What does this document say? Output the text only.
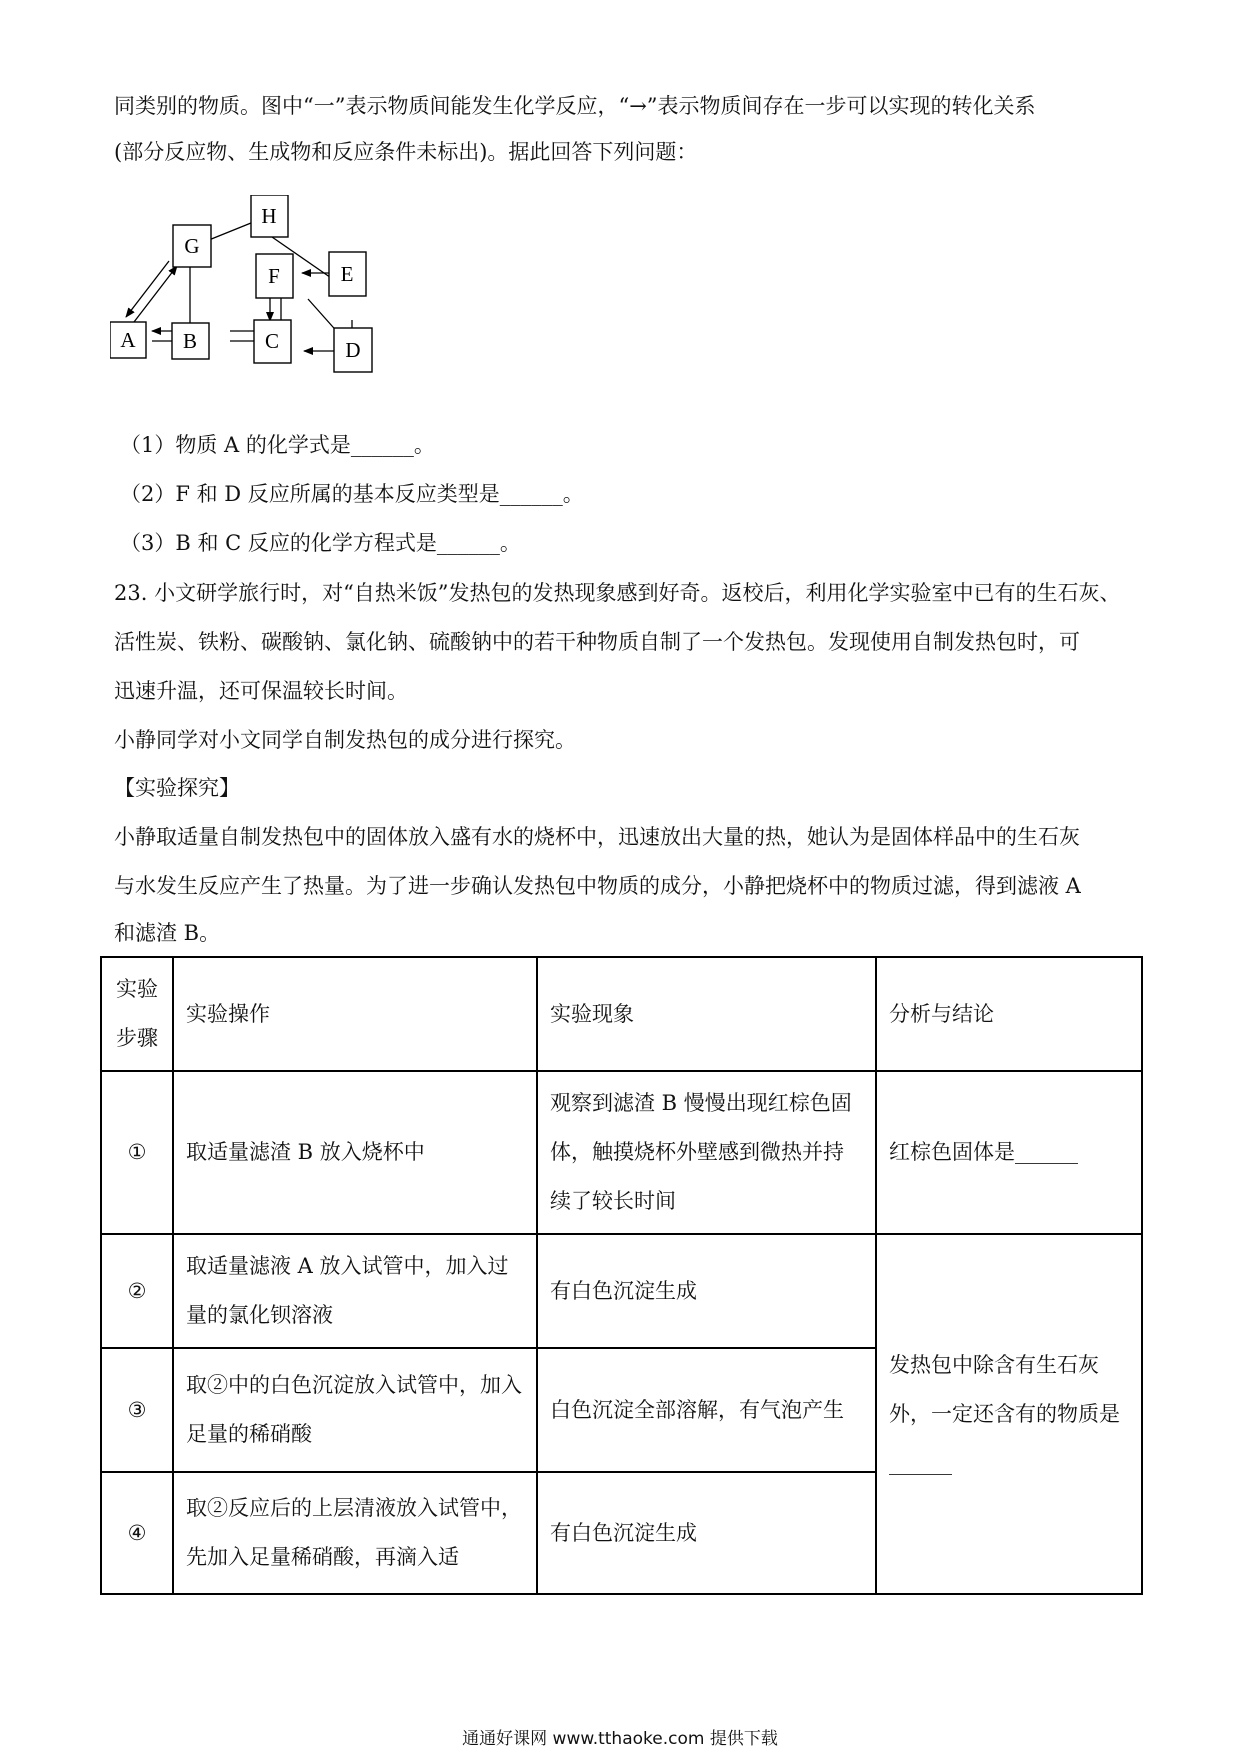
同类别的物质。图中“一”表示物质间能发生化学反应，“→”表示物质间存在一步可以实现的转化关系
(部分反应物、生成物和反应条件未标出)。据此回答下列问题：
H
G
F	E
A B	C	D
（1）物质 A 的化学式是______。
（2）F 和 D 反应所属的基本反应类型是______。
（3）B 和 C 反应的化学方程式是______。
23. 小文研学旅行时，对“自热米饭”发热包的发热现象感到好奇。返校后，利用化学实验室中已有的生石灰、
活性炭、铁粉、碳酸钠、氯化钠、硫酸钠中的若干种物质自制了一个发热包。发现使用自制发热包时，可
迅速升温，还可保温较长时间。
小静同学对小文同学自制发热包的成分进行探究。
【实验探究】
小静取适量自制发热包中的固体放入盛有水的烧杯中，迅速放出大量的热，她认为是固体样品中的生石灰
与水发生反应产生了热量。为了进一步确认发热包中物质的成分，小静把烧杯中的物质过滤，得到滤液 A
和滤渣 B。
实验
步骤	实验操作	实验现象	分析与结论
①	取适量滤渣 B 放入烧杯中	观察到滤渣 B 慢慢出现红棕色固体，触摸烧杯外壁感到微热并持续了较长时间	红棕色固体是______
②	取适量滤液 A 放入试管中，加入过量的氯化钡溶液	有白色沉淀生成	发热包中除含有生石灰外，一定还含有的物质是______
③	取②中的白色沉淀放入试管中，加入足量的稀硝酸	白色沉淀全部溶解，有气泡产生	
④	取②反应后的上层清液放入试管中，先加入足量稀硝酸，再滴入适	有白色沉淀生成	
通通好课网 www.tthaoke.com 提供下载
